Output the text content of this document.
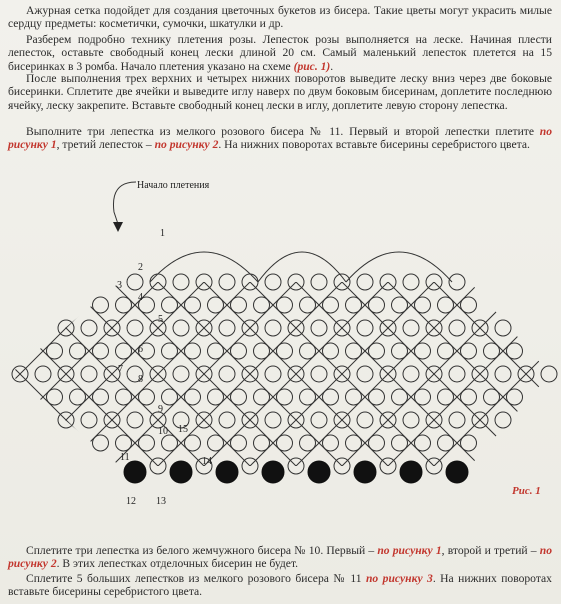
Ажурная сетка подойдет для создания цветочных букетов из бисера. Такие цветы могут украсить милые сердцу предметы: косметички, сумочки, шкатулки и др.
Разберем подробно технику плетения розы. Лепесток розы выполняется на леске. Начиная плести лепесток, оставьте свободный конец лески длиной 20 см. Самый маленький лепесток плетется на 15 бисеринках в 3 ромба. Начало плетения указано на схеме (рис. 1).
После выполнения трех верхних и четырех нижних поворотов выведите леску вниз через две боковые бисеринки. Сплетите две ячейки и выведите иглу наверх по двум боковым бисеринам, доплетите последнюю ячейку, леску закрепите. Вставьте свободный конец лески в иглу, доплетите левую сторону лепестка.
Выполните три лепестка из мелкого розового бисера № 11. Первый и второй лепестки плетите по рисунку 1, третий лепесток – по рисунку 2. На нижних поворотах вставьте бисерины серебристого цвета.
1
2
3
4
5
6
7
8
9
10
11
12 13
14
15
Начало плетения
Рис. 1
Сплетите три лепестка из белого жемчужного бисера № 10. Первый – по рисунку 1, второй и третий – по рисунку 2. В этих лепестках отделочных бисерин не будет.
Сплетите 5 больших лепестков из мелкого розового бисера № 11 по рисунку 3. На нижних поворотах вставьте бисерины серебристого цвета.
